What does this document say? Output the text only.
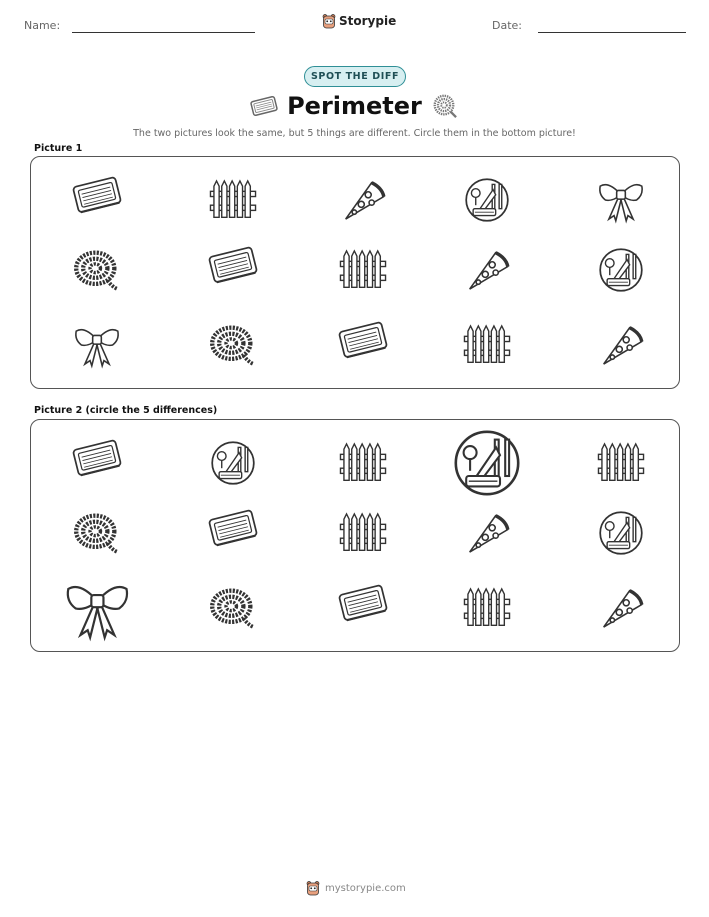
Name:	Storypie	Date:
SPOT THE DIFF
Perimeter
The two pictures look the same, but 5 things are different. Circle them in the bottom picture!
Picture 1
Picture 2 (circle the 5 differences)
mystorypie.com
